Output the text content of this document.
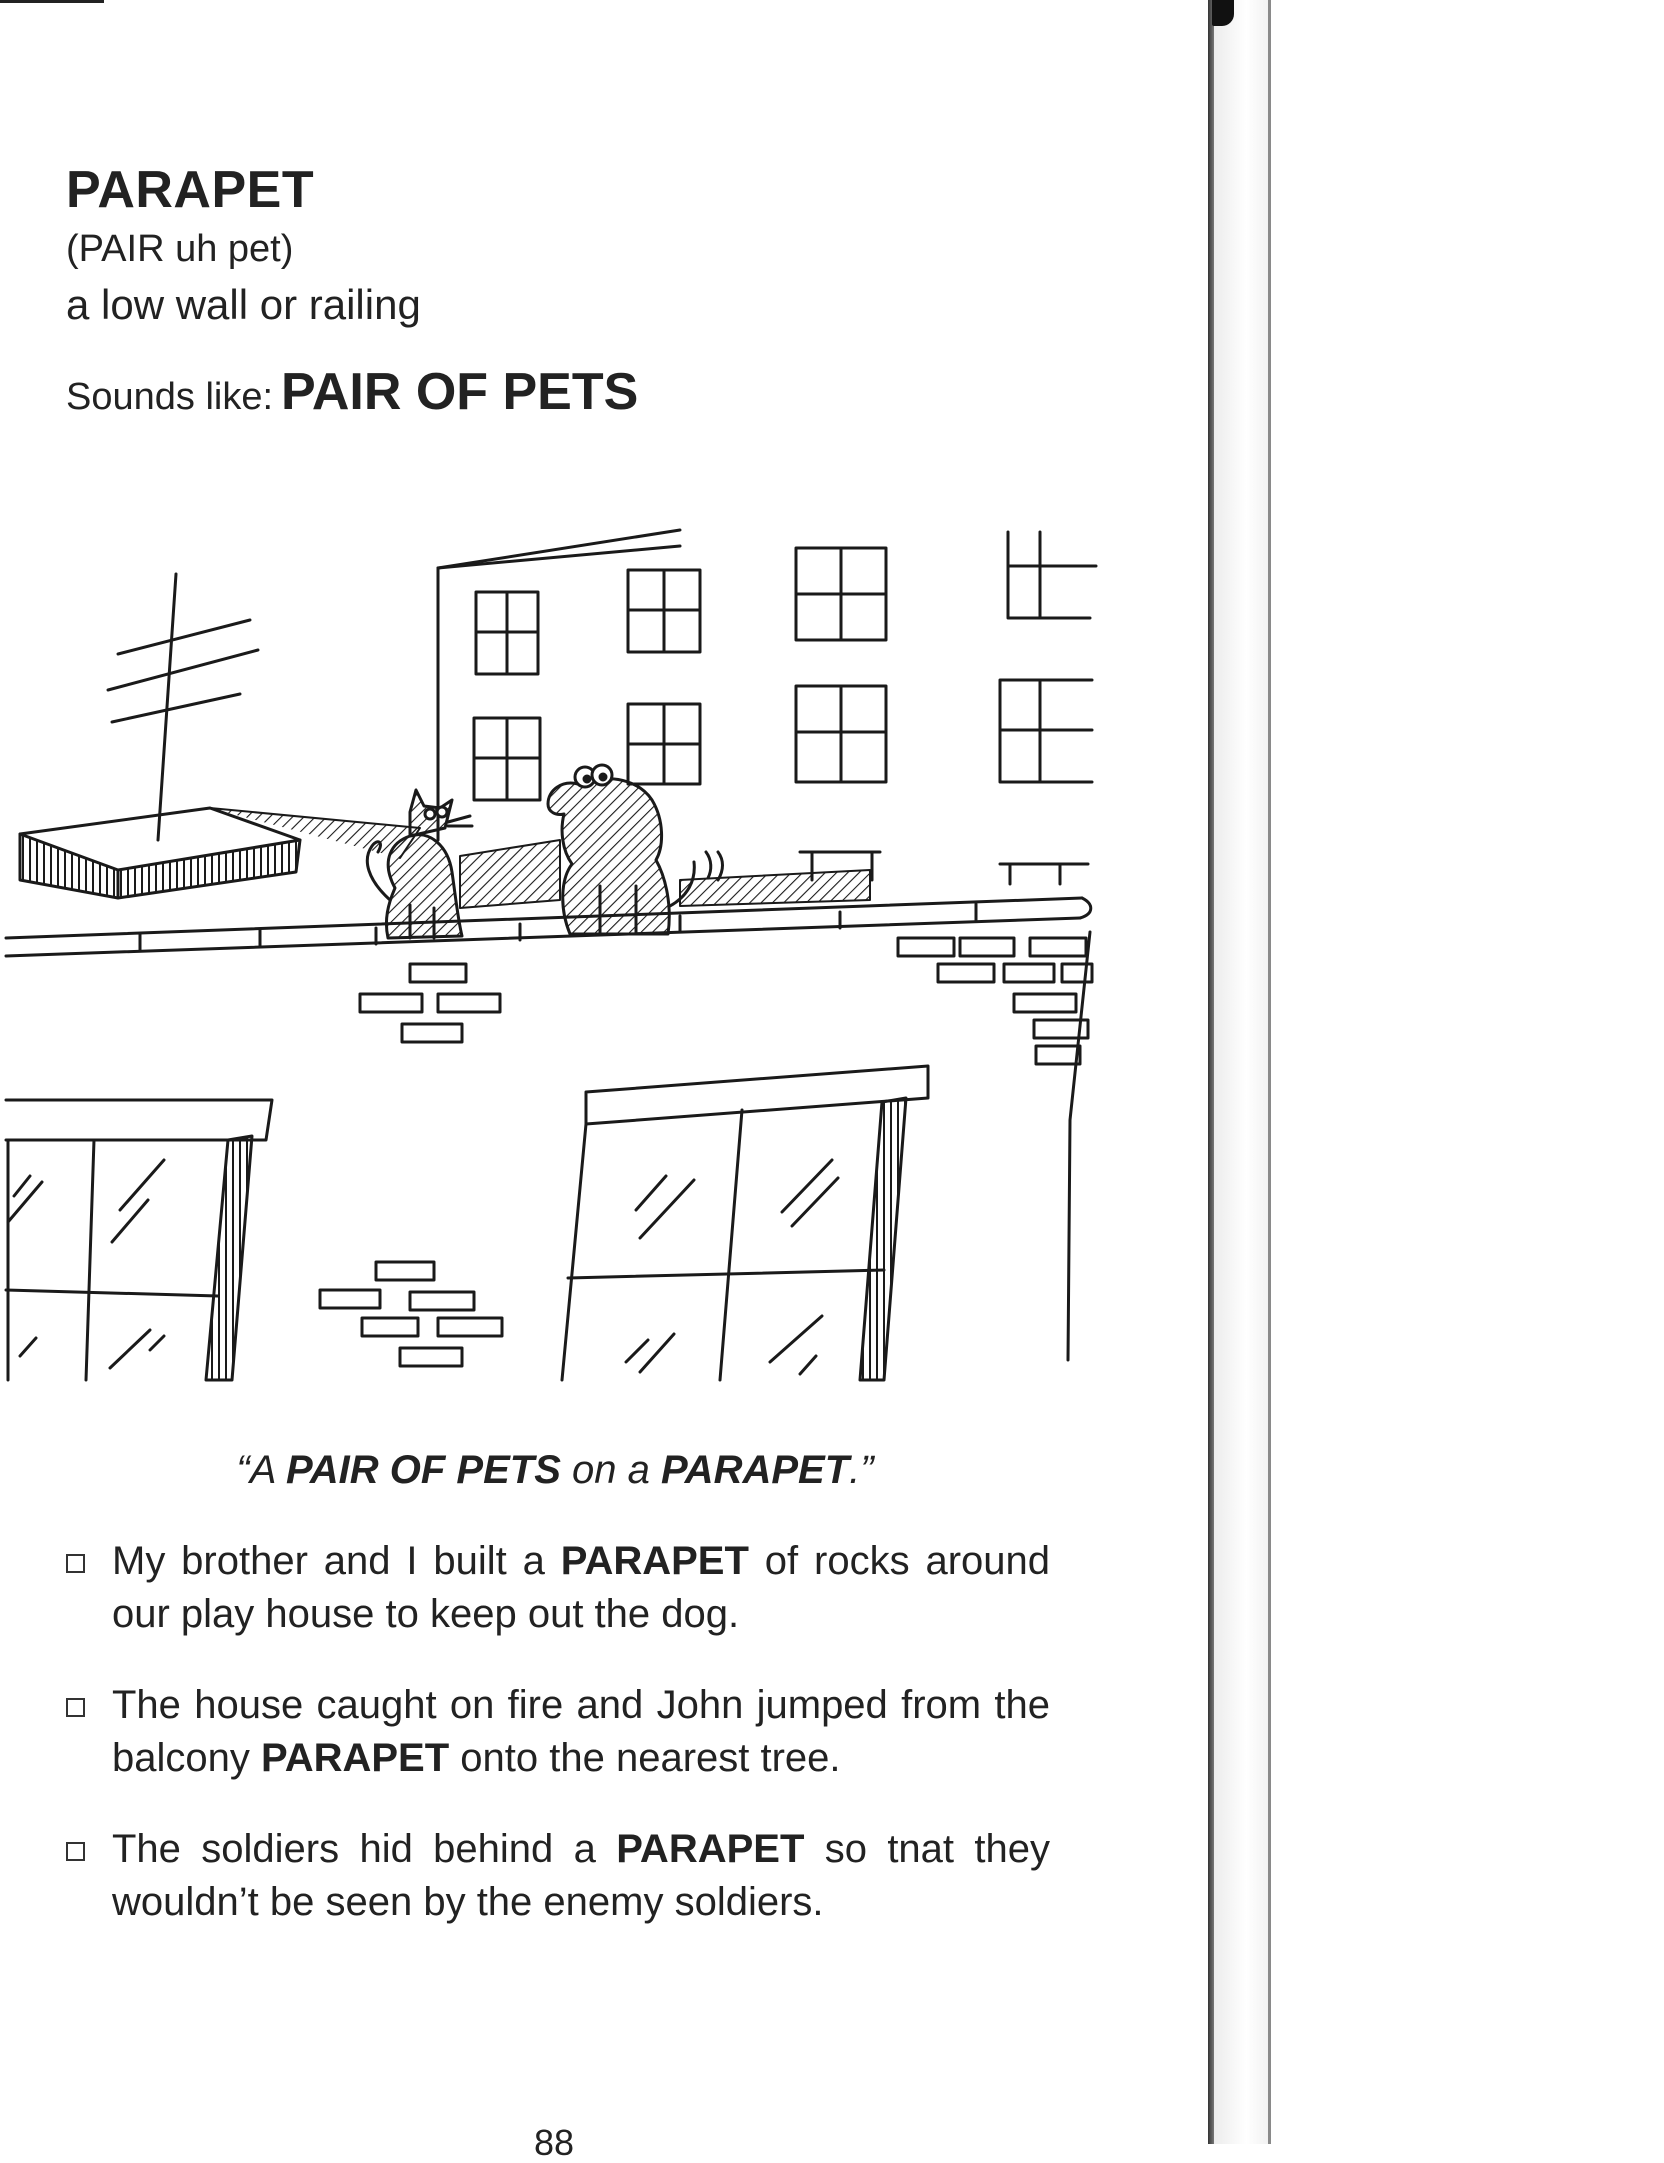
PARAPET
(PAIR uh pet)
a low wall or railing
Sounds like: PAIR OF PETS

“A PAIR OF PETS on a PARAPET.”

My brother and I built a PARAPET of rocks around our play house to keep out the dog.
The house caught on fire and John jumped from the balcony PARAPET onto the nearest tree.
The soldiers hid behind a PARAPET so tnat they wouldn’t be seen by the enemy soldiers.
88
